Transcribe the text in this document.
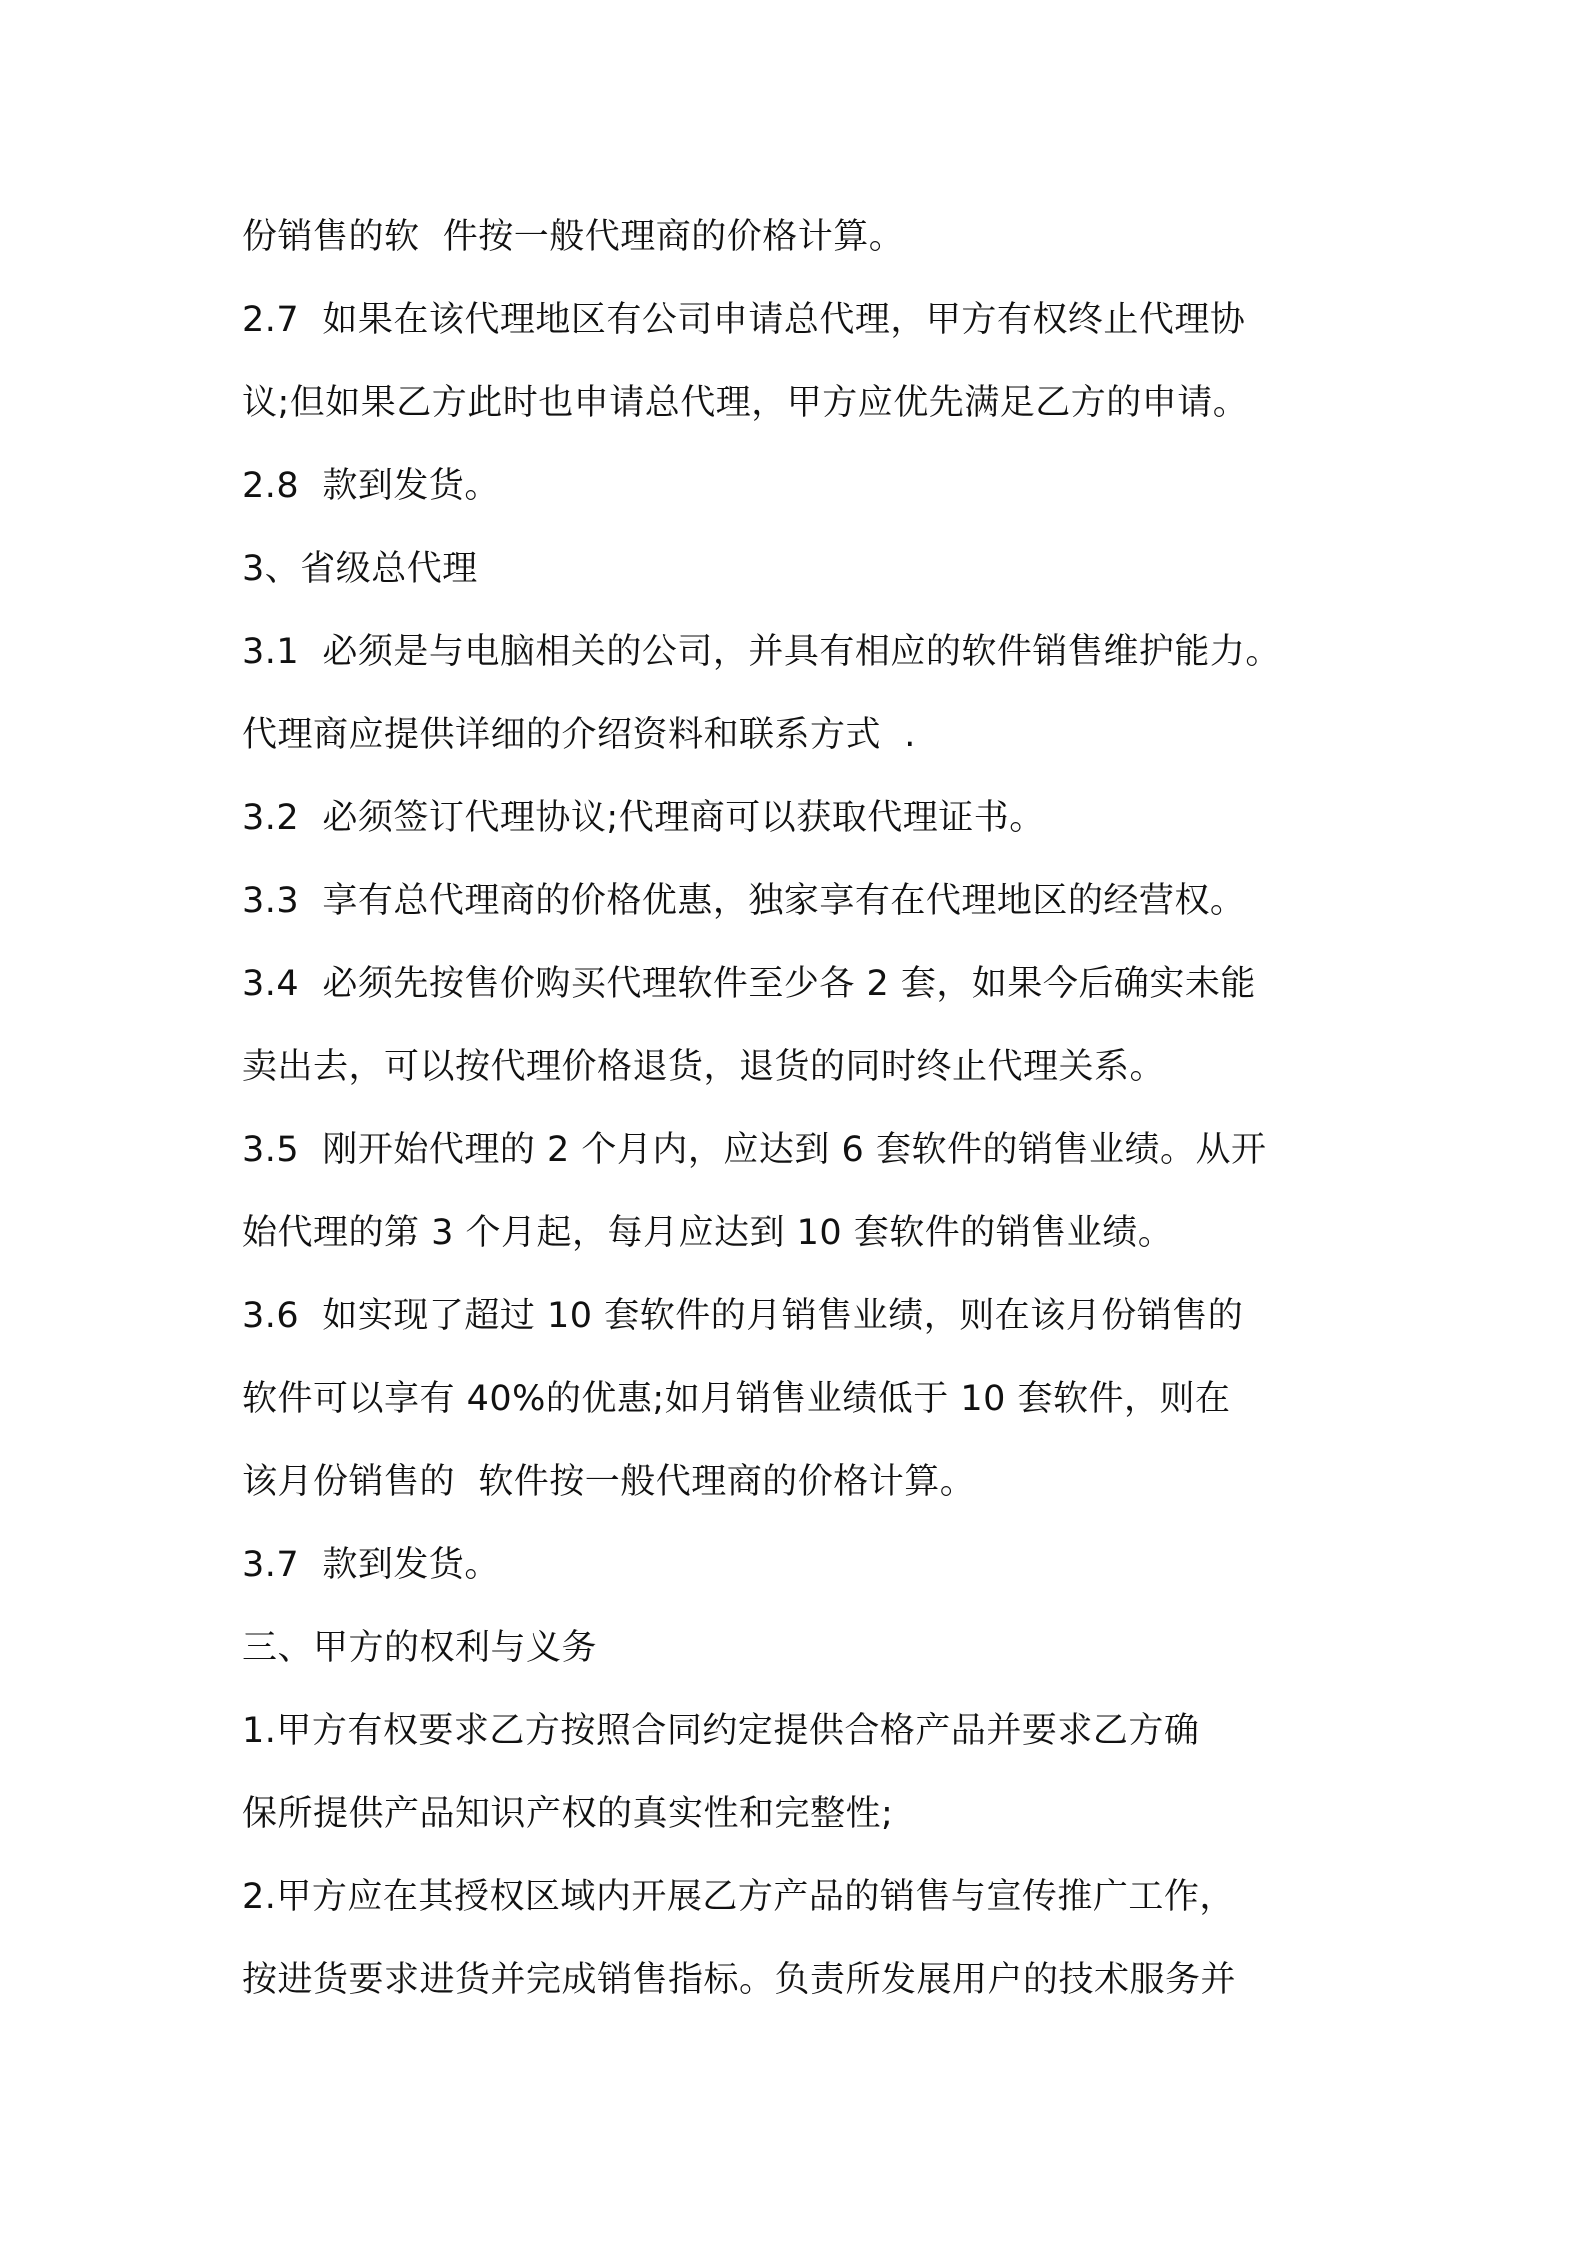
份销售的软  件按一般代理商的价格计算。
2.7  如果在该代理地区有公司申请总代理，甲方有权终止代理协
议;但如果乙方此时也申请总代理，甲方应优先满足乙方的申请。
2.8  款到发货。
3、省级总代理
3.1  必须是与电脑相关的公司，并具有相应的软件销售维护能力。
代理商应提供详细的介绍资料和联系方式  .
3.2  必须签订代理协议;代理商可以获取代理证书。
3.3  享有总代理商的价格优惠，独家享有在代理地区的经营权。
3.4  必须先按售价购买代理软件至少各 2 套，如果今后确实未能
卖出去，可以按代理价格退货，退货的同时终止代理关系。
3.5  刚开始代理的 2 个月内，应达到 6 套软件的销售业绩。从开
始代理的第 3 个月起，每月应达到 10 套软件的销售业绩。
3.6  如实现了超过 10 套软件的月销售业绩，则在该月份销售的
软件可以享有 40%的优惠;如月销售业绩低于 10 套软件，则在
该月份销售的  软件按一般代理商的价格计算。
3.7  款到发货。
三、甲方的权利与义务
1.甲方有权要求乙方按照合同约定提供合格产品并要求乙方确
保所提供产品知识产权的真实性和完整性;
2.甲方应在其授权区域内开展乙方产品的销售与宣传推广工作，
按进货要求进货并完成销售指标。负责所发展用户的技术服务并
